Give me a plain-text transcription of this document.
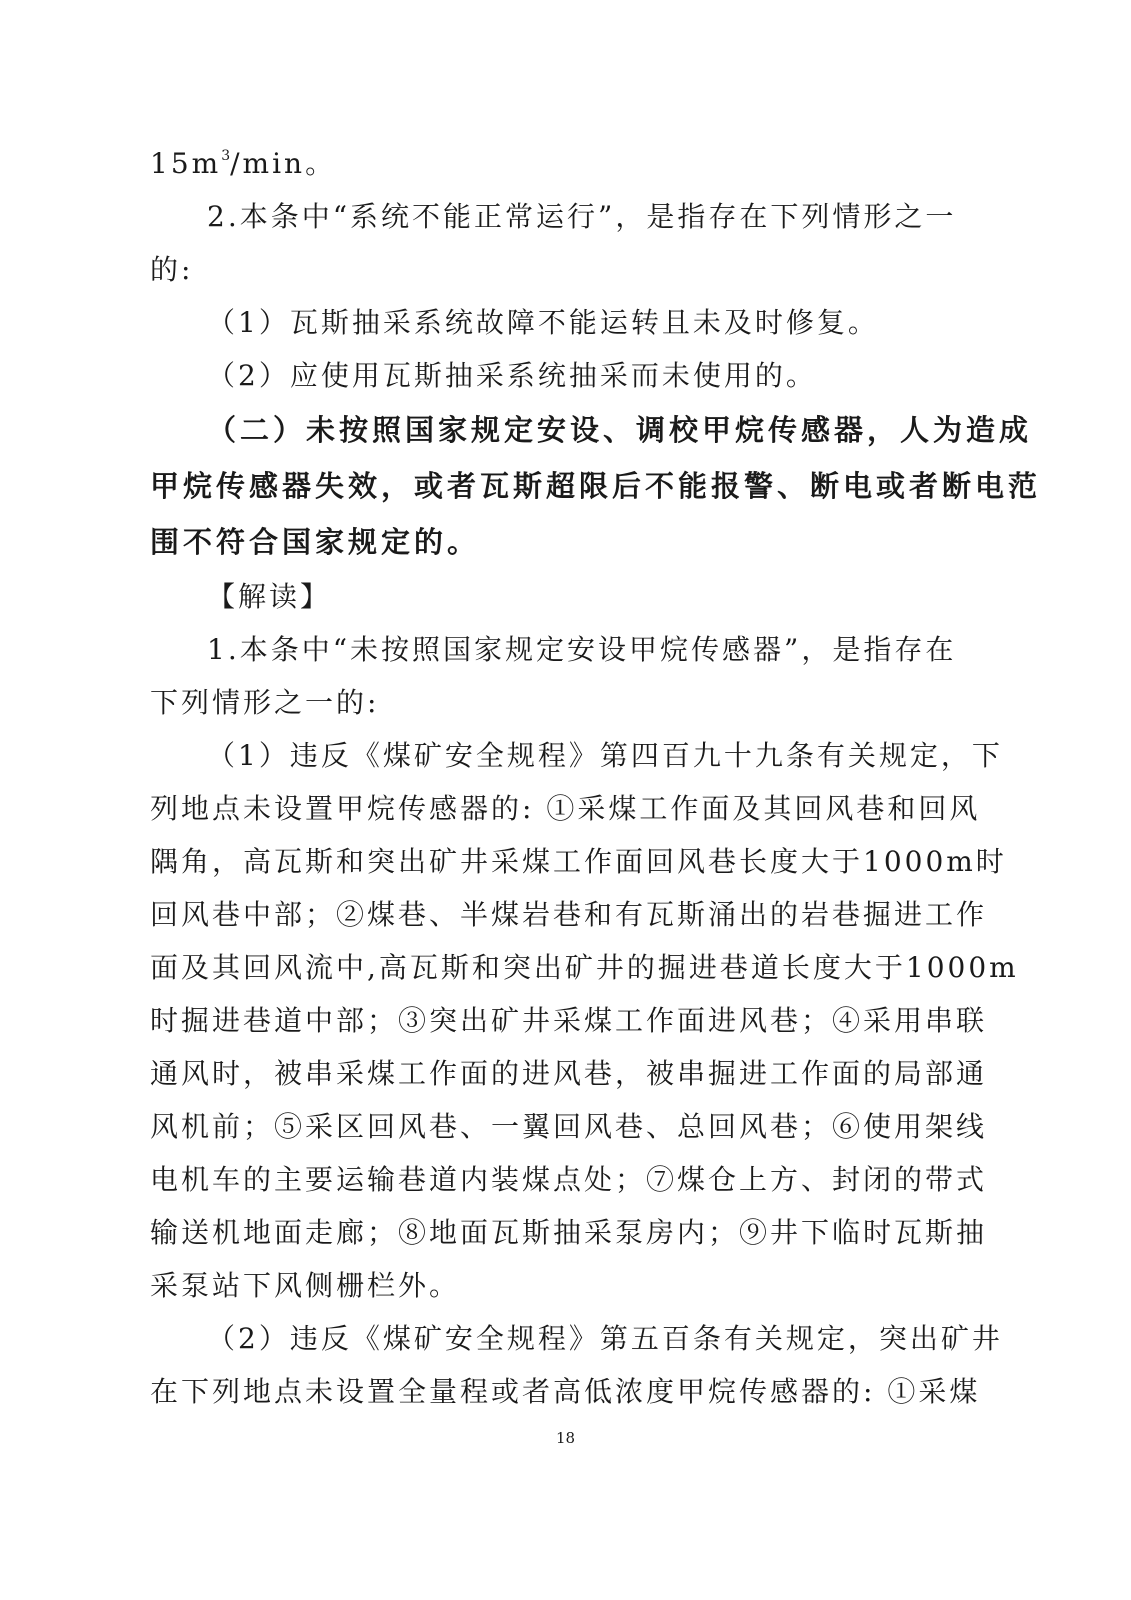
$15m^3/\min$。
2.本条中“系统不能正常运行”，是指存在下列情形之一
的:
（1）瓦斯抽采系统故障不能运转且未及时修复。
（2）应使用瓦斯抽采系统抽采而未使用的。
（二）未按照国家规定安设、调校甲烷传感器，人为造成
甲烷传感器失效，或者瓦斯超限后不能报警、断电或者断电范
围不符合国家规定的。
【解读】
1.本条中“未按照国家规定安设甲烷传感器”，是指存在
下列情形之一的:
（1）违反《煤矿安全规程》第四百九十九条有关规定，下
列地点未设置甲烷传感器的: ①采煤工作面及其回风巷和回风
隅角，高瓦斯和突出矿井采煤工作面回风巷长度大于1000m时
回风巷中部；②煤巷、半煤岩巷和有瓦斯涌出的岩巷掘进工作
面及其回风流中,高瓦斯和突出矿井的掘进巷道长度大于1000m
时掘进巷道中部；③突出矿井采煤工作面进风巷；④采用串联
通风时，被串采煤工作面的进风巷，被串掘进工作面的局部通
风机前；⑤采区回风巷、一翼回风巷、总回风巷；⑥使用架线
电机车的主要运输巷道内装煤点处；⑦煤仓上方、封闭的带式
输送机地面走廊；⑧地面瓦斯抽采泵房内；⑨井下临时瓦斯抽
采泵站下风侧栅栏外。
（2）违反《煤矿安全规程》第五百条有关规定，突出矿井
在下列地点未设置全量程或者高低浓度甲烷传感器的: ①采煤
18
